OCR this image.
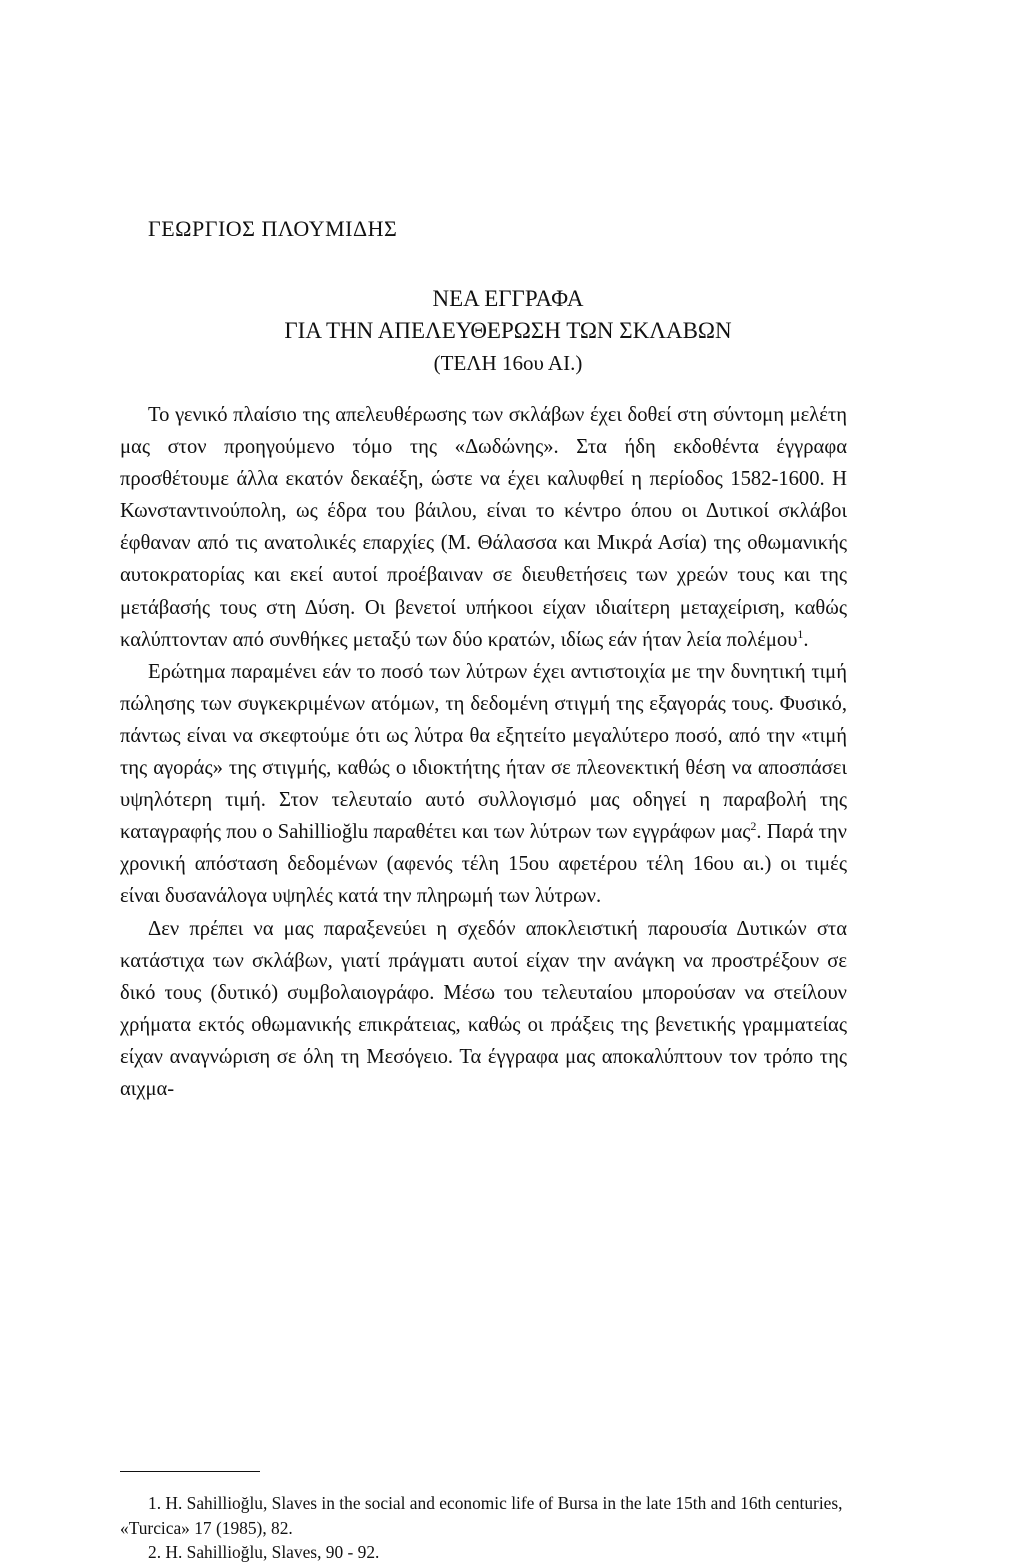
ΓΕΩΡΓΙΟΣ ΠΛΟΥΜΙΔΗΣ
ΝΕΑ ΕΓΓΡΑΦΑ
ΓΙΑ ΤΗΝ ΑΠΕΛΕΥΘΕΡΩΣΗ ΤΩΝ ΣΚΛΑΒΩΝ
(ΤΕΛΗ 16ου ΑΙ.)

Το γενικό πλαίσιο της απελευθέρωσης των σκλάβων έχει δοθεί στη σύντομη μελέτη μας στον προηγούμενο τόμο της «Δωδώνης». Στα ήδη εκδοθέντα έγγραφα προσθέτουμε άλλα εκατόν δεκαέξη, ώστε να έχει καλυφθεί η περίοδος 1582-1600. Η Κωνσταντινούπολη, ως έδρα του βάιλου, είναι το κέντρο όπου οι Δυτικοί σκλάβοι έφθαναν από τις ανατολικές επαρχίες (Μ. Θάλασσα και Μικρά Ασία) της οθωμανικής αυτοκρατορίας και εκεί αυτοί προέβαιναν σε διευθετήσεις των χρεών τους και της μετάβασής τους στη Δύση. Οι βενετοί υπήκοοι είχαν ιδιαίτερη μεταχείριση, καθώς καλύπτονταν από συνθήκες μεταξύ των δύο κρατών, ιδίως εάν ήταν λεία πολέμου$^1$.

Ερώτημα παραμένει εάν το ποσό των λύτρων έχει αντιστοιχία με την δυνητική τιμή πώλησης των συγκεκριμένων ατόμων, τη δεδομένη στιγμή της εξαγοράς τους. Φυσικό, πάντως είναι να σκεφτούμε ότι ως λύτρα θα εξητείτο μεγαλύτερο ποσό, από την «τιμή της αγοράς» της στιγμής, καθώς ο ιδιοκτήτης ήταν σε πλεονεκτική θέση να αποσπάσει υψηλότερη τιμή. Στον τελευταίο αυτό συλλογισμό μας οδηγεί η παραβολή της καταγραφής που ο Sahillioğlu παραθέτει και των λύτρων των εγγράφων μας$^2$. Παρά την χρονική απόσταση δεδομένων (αφενός τέλη 15ου αφετέρου τέλη 16ου αι.) οι τιμές είναι δυσανάλογα υψηλές κατά την πληρωμή των λύτρων.

Δεν πρέπει να μας παραξενεύει η σχεδόν αποκλειστική παρουσία Δυτικών στα κατάστιχα των σκλάβων, γιατί πράγματι αυτοί είχαν την ανάγκη να προστρέξουν σε δικό τους (δυτικό) συμβολαιογράφο. Μέσω του τελευταίου μπορούσαν να στείλουν χρήματα εκτός οθωμανικής επικράτειας, καθώς οι πράξεις της βενετικής γραμματείας είχαν αναγνώριση σε όλη τη Μεσόγειο. Τα έγγραφα μας αποκαλύπτουν τον τρόπο της αιχμα-

1. H. Sahillioğlu, Slaves in the social and economic life of Bursa in the late 15th and 16th centuries, «Turcica» 17 (1985), 82.

2. H. Sahillioğlu, Slaves, 90 - 92.
